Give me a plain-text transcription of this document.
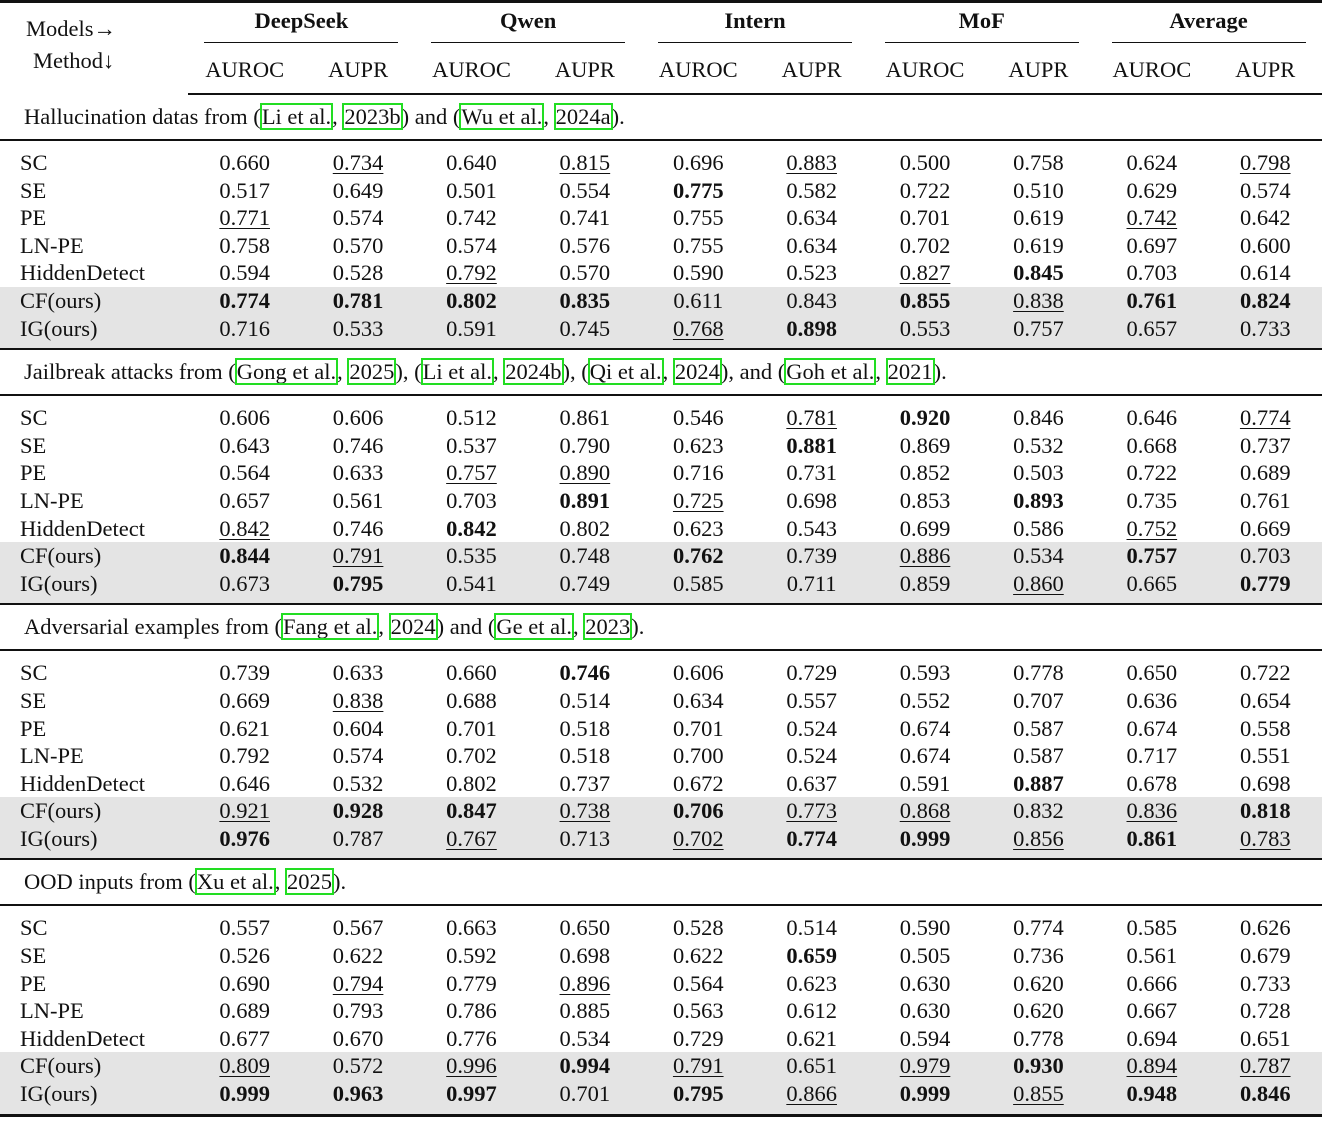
Models→
Method↓	DeepSeek		Qwen		Intern		MoF		Average	
	AUROC	AUPR	AUROC	AUPR	AUROC	AUPR	AUROC	AUPR	AUROC	AUPR
Hallucination datas from (Li et al., 2023b) and (Wu et al., 2024a).										
SC	0.660	0.734	0.640	0.815	0.696	0.883	0.500	0.758	0.624	0.798
SE	0.517	0.649	0.501	0.554	0.775	0.582	0.722	0.510	0.629	0.574
PE	0.771	0.574	0.742	0.741	0.755	0.634	0.701	0.619	0.742	0.642
LN-PE	0.758	0.570	0.574	0.576	0.755	0.634	0.702	0.619	0.697	0.600
HiddenDetect	0.594	0.528	0.792	0.570	0.590	0.523	0.827	0.845	0.703	0.614
CF(ours)	0.774	0.781	0.802	0.835	0.611	0.843	0.855	0.838	0.761	0.824
IG(ours)	0.716	0.533	0.591	0.745	0.768	0.898	0.553	0.757	0.657	0.733
Jailbreak attacks from (Gong et al., 2025), (Li et al., 2024b), (Qi et al., 2024), and (Goh et al., 2021).										
SC	0.606	0.606	0.512	0.861	0.546	0.781	0.920	0.846	0.646	0.774
SE	0.643	0.746	0.537	0.790	0.623	0.881	0.869	0.532	0.668	0.737
PE	0.564	0.633	0.757	0.890	0.716	0.731	0.852	0.503	0.722	0.689
LN-PE	0.657	0.561	0.703	0.891	0.725	0.698	0.853	0.893	0.735	0.761
HiddenDetect	0.842	0.746	0.842	0.802	0.623	0.543	0.699	0.586	0.752	0.669
CF(ours)	0.844	0.791	0.535	0.748	0.762	0.739	0.886	0.534	0.757	0.703
IG(ours)	0.673	0.795	0.541	0.749	0.585	0.711	0.859	0.860	0.665	0.779
Adversarial examples from (Fang et al., 2024) and (Ge et al., 2023).										
SC	0.739	0.633	0.660	0.746	0.606	0.729	0.593	0.778	0.650	0.722
SE	0.669	0.838	0.688	0.514	0.634	0.557	0.552	0.707	0.636	0.654
PE	0.621	0.604	0.701	0.518	0.701	0.524	0.674	0.587	0.674	0.558
LN-PE	0.792	0.574	0.702	0.518	0.700	0.524	0.674	0.587	0.717	0.551
HiddenDetect	0.646	0.532	0.802	0.737	0.672	0.637	0.591	0.887	0.678	0.698
CF(ours)	0.921	0.928	0.847	0.738	0.706	0.773	0.868	0.832	0.836	0.818
IG(ours)	0.976	0.787	0.767	0.713	0.702	0.774	0.999	0.856	0.861	0.783
OOD inputs from (Xu et al., 2025).										
SC	0.557	0.567	0.663	0.650	0.528	0.514	0.590	0.774	0.585	0.626
SE	0.526	0.622	0.592	0.698	0.622	0.659	0.505	0.736	0.561	0.679
PE	0.690	0.794	0.779	0.896	0.564	0.623	0.630	0.620	0.666	0.733
LN-PE	0.689	0.793	0.786	0.885	0.563	0.612	0.630	0.620	0.667	0.728
HiddenDetect	0.677	0.670	0.776	0.534	0.729	0.621	0.594	0.778	0.694	0.651
CF(ours)	0.809	0.572	0.996	0.994	0.791	0.651	0.979	0.930	0.894	0.787
IG(ours)	0.999	0.963	0.997	0.701	0.795	0.866	0.999	0.855	0.948	0.846
